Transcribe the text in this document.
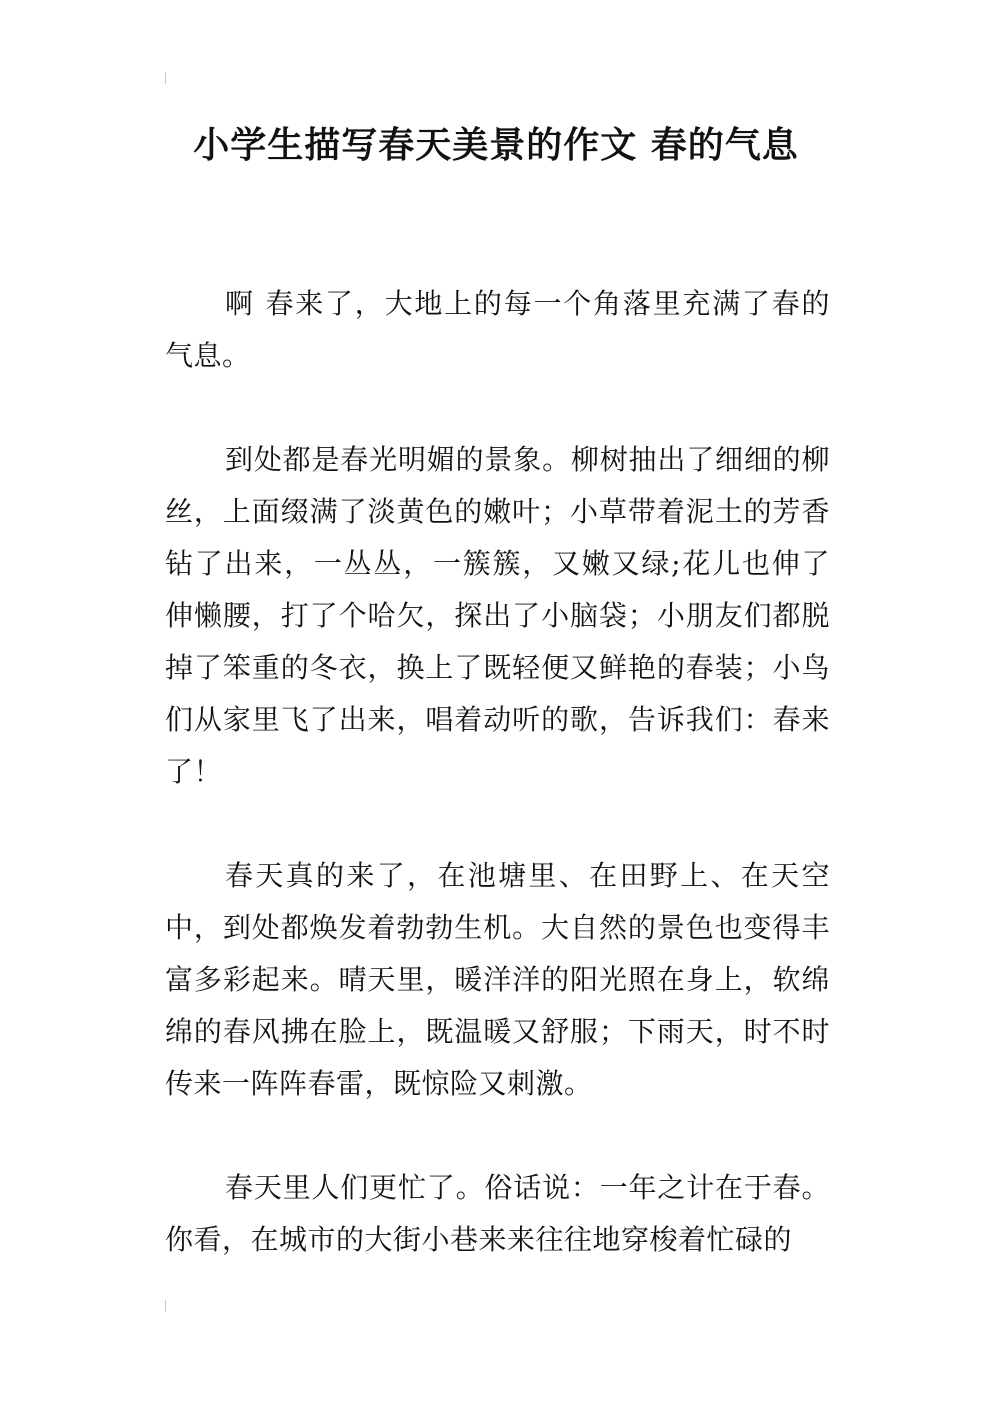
小学生描写春天美景的作文 春的气息

啊 春来了，大地上的每一个角落里充满了春的气息。

到处都是春光明媚的景象。柳树抽出了细细的柳丝，上面缀满了淡黄色的嫩叶；小草带着泥土的芳香钻了出来，一丛丛，一簇簇，又嫩又绿;花儿也伸了伸懒腰，打了个哈欠，探出了小脑袋；小朋友们都脱掉了笨重的冬衣，换上了既轻便又鲜艳的春装；小鸟们从家里飞了出来，唱着动听的歌，告诉我们：春来了！

春天真的来了，在池塘里、在田野上、在天空中，到处都焕发着勃勃生机。大自然的景色也变得丰富多彩起来。晴天里，暖洋洋的阳光照在身上，软绵绵的春风拂在脸上，既温暖又舒服；下雨天，时不时传来一阵阵春雷，既惊险又刺激。

春天里人们更忙了。俗话说：一年之计在于春。你看，在城市的大街小巷来来往往地穿梭着忙碌的
